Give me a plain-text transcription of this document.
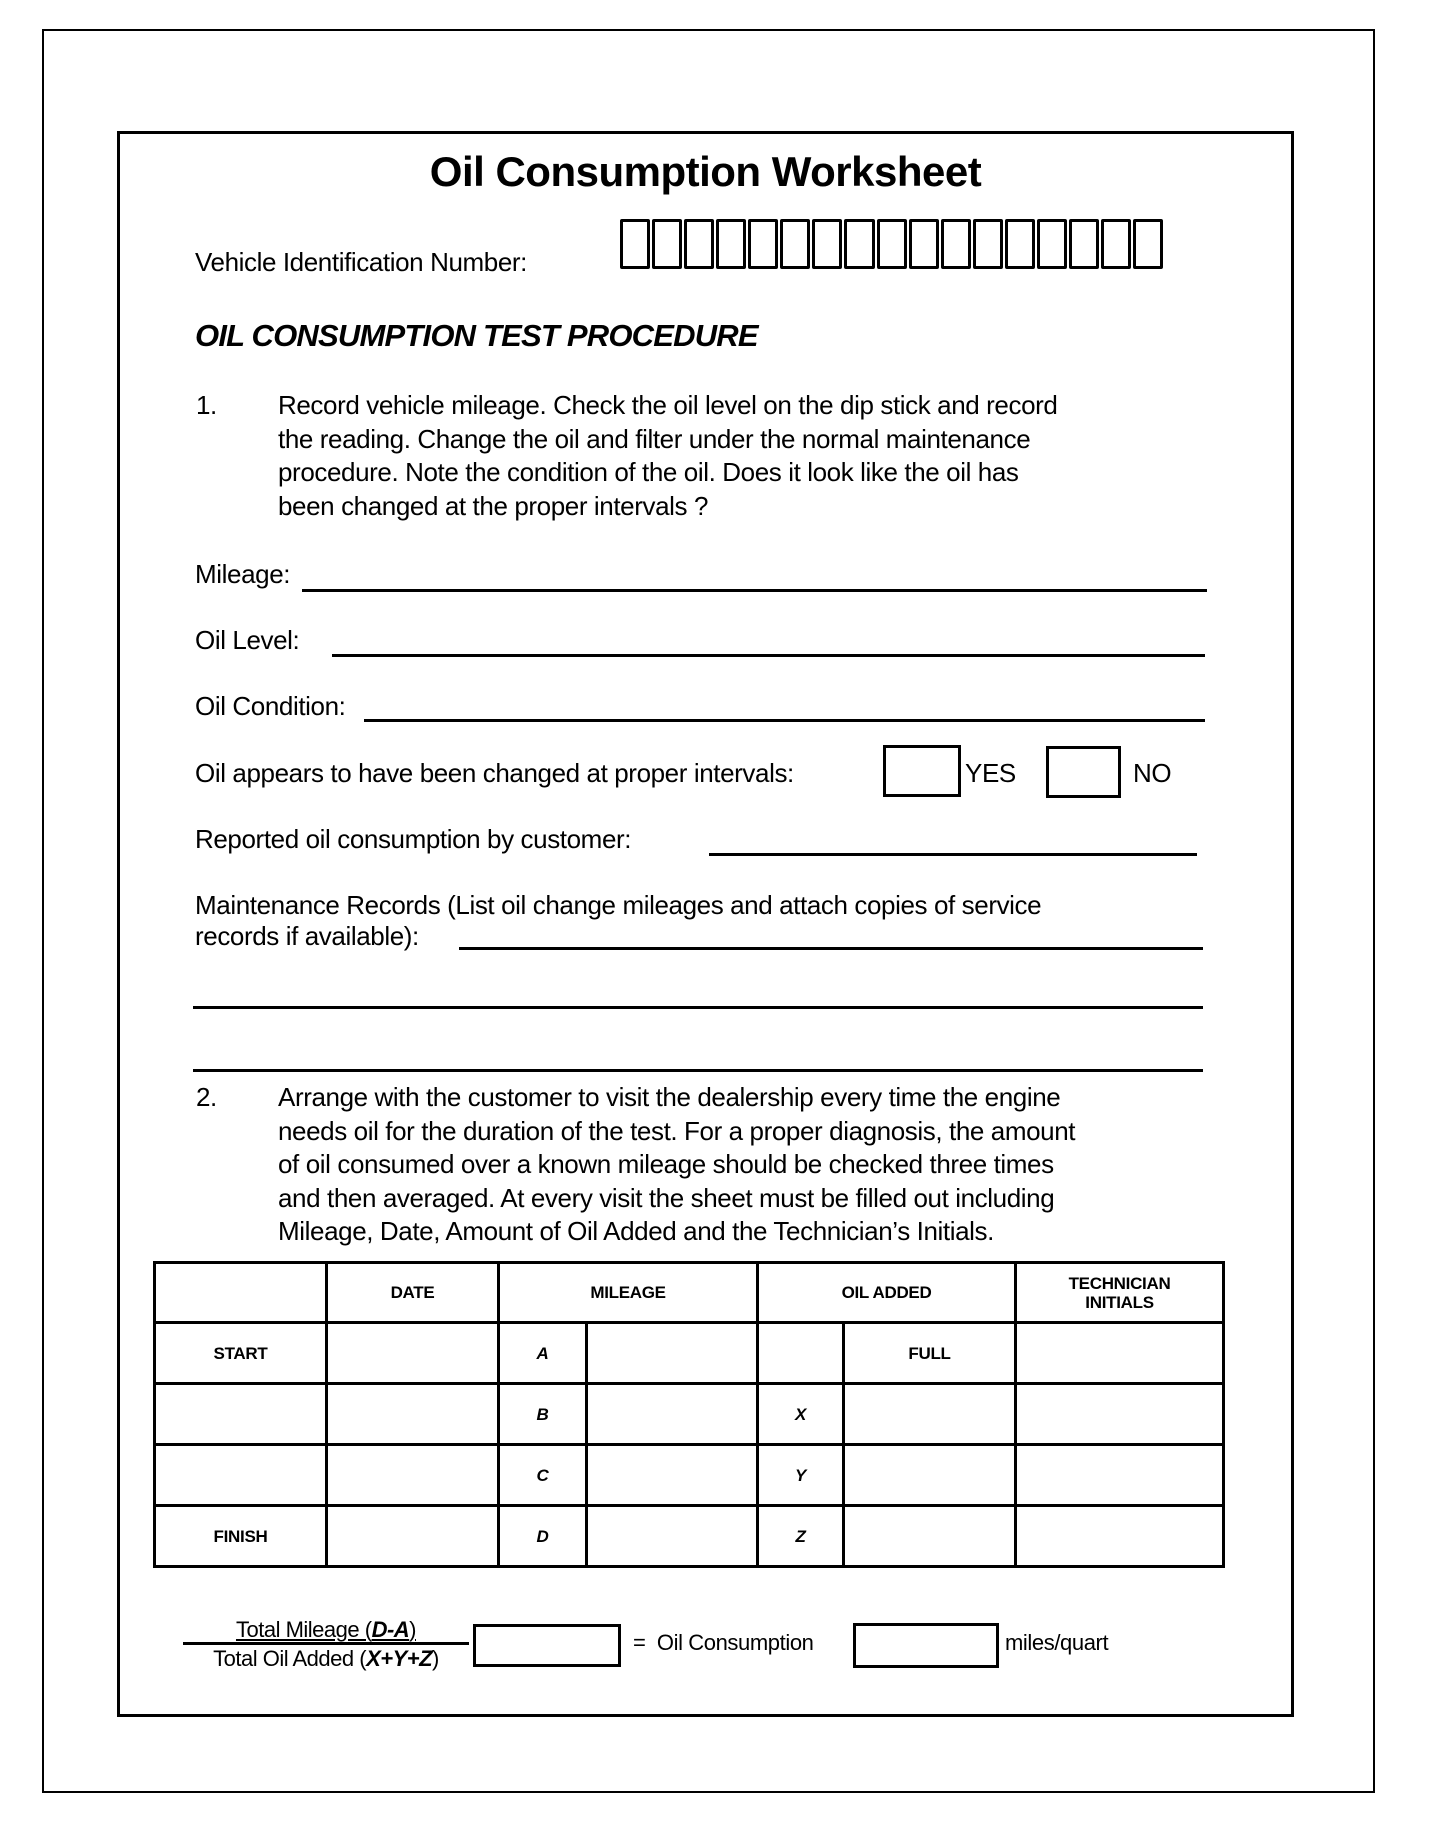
Oil Consumption Worksheet
Vehicle Identification Number:
OIL CONSUMPTION TEST PROCEDURE
1. Record vehicle mileage. Check the oil level on the dip stick and record
the reading. Change the oil and filter under the normal maintenance
procedure. Note the condition of the oil. Does it look like the oil has
been changed at the proper intervals ?
Mileage:
Oil Level:
Oil Condition:
Oil appears to have been changed at proper intervals:	YES	NO
Reported oil consumption by customer:
Maintenance Records (List oil change mileages and attach copies of service
records if available):
2. Arrange with the customer to visit the dealership every time the engine
needs oil for the duration of the test. For a proper diagnosis, the amount
of oil consumed over a known mileage should be checked three times
and then averaged. At every visit the sheet must be filled out including
Mileage, Date, Amount of Oil Added and the Technician’s Initials.
	DATE	MILEAGE		OIL ADDED		TECHNICIAN
INITIALS

START		A			FULL	
		B		X		
		C		Y		
FINISH		D		Z		
Total Mileage (D-A)
Total Oil Added (X+Y+Z)
=  Oil Consumption	miles/quart
